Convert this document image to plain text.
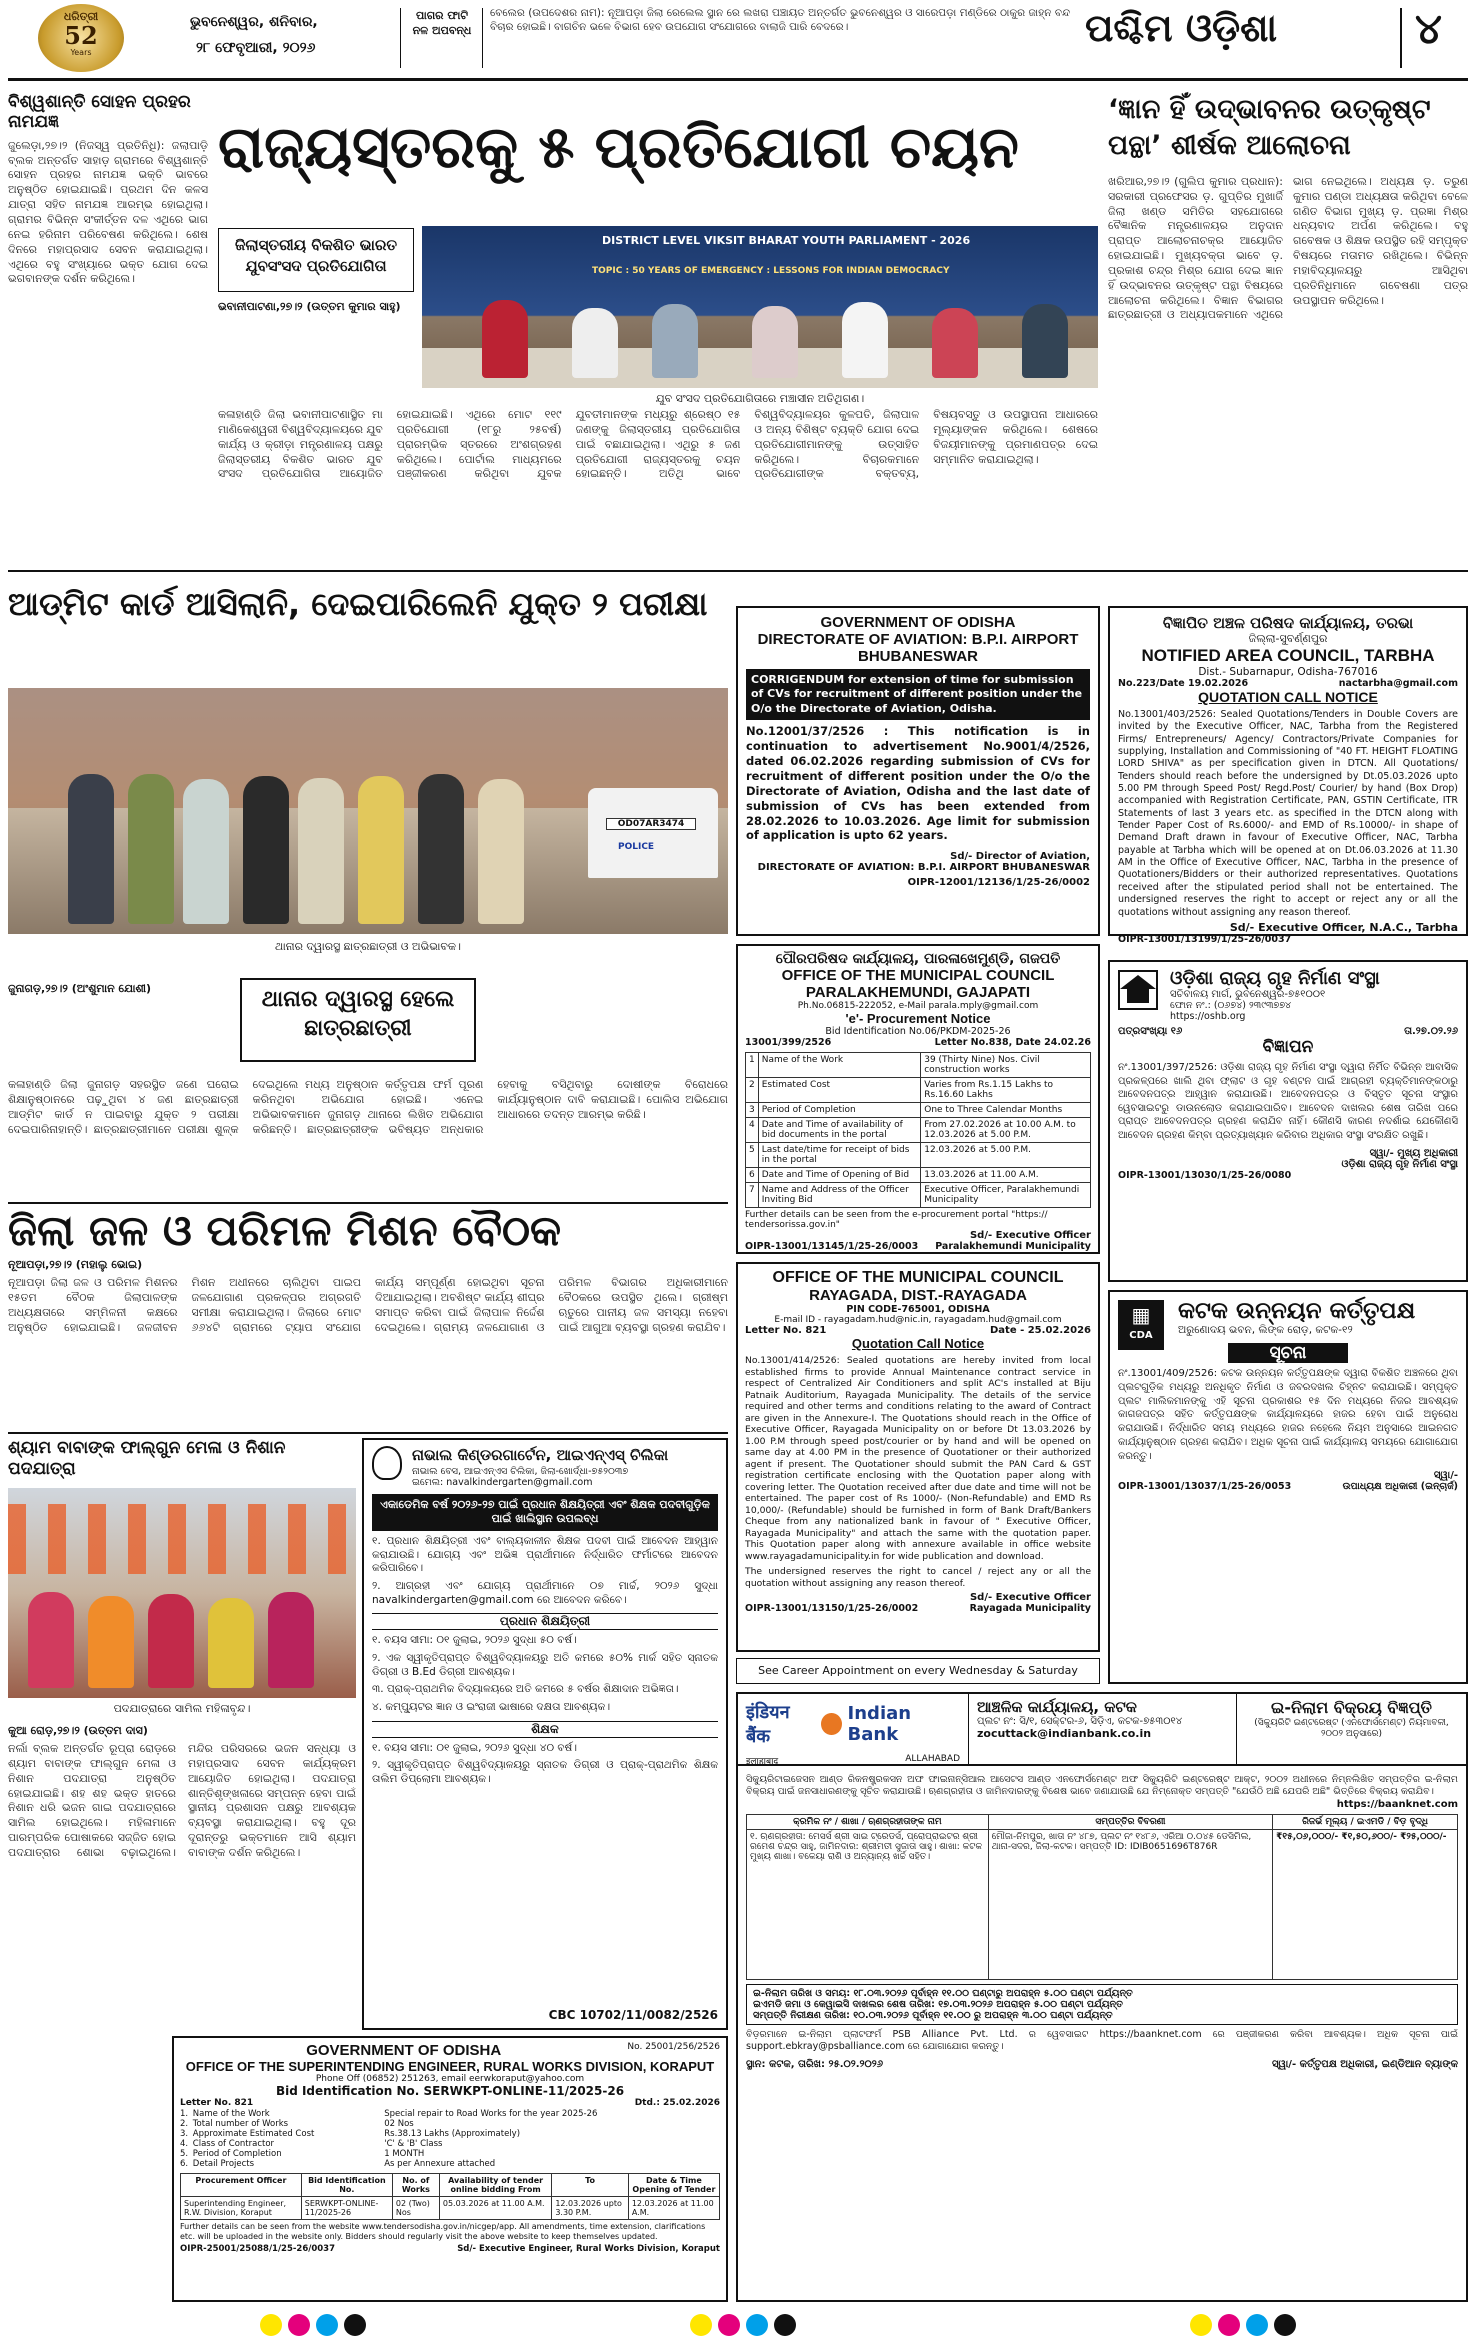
ଧରିତ୍ରୀ
52
Years
ଭୁବନେଶ୍ୱର, ଶନିବାର,
୨୮ ଫେବୃଆରୀ, ୨୦୨୬
ପାଗର ଫାଟି ନଳ ଅପବନ୍ଧ
ବେଲେର (ଉପଦେଶର ନାମ): ନୂଆପଡ଼ା ଜିଲା ରେଲେଲ ସ୍ଥାନ ରେ ଲଖରା ପଞ୍ଚାୟତ ଅନ୍ତର୍ଗତ ଭୁବନେଶ୍ୱର ଓ ସାରେପଡ଼ା ମଣ୍ଡିରେ ଠାକୁର ଜାହ୍ନ ବନ୍ଦ ବିଚାର ହୋଇଛି। ବାଗଚିନ ଭଳେ ବିଭାଗ ହେବ ଉପଯୋଗ ସଂଯୋଗରେ ବାଲାଜି ପାରି ବେଦରେ।	ପଶ୍ଚିମ ଓଡ଼ିଶା	୪
ବିଶ୍ୱଶାନ୍ତି ସୋହନ ପ୍ରହର ନାମଯଜ୍ଞ
ଜୁଲେଡ଼ା,୨୭।୨ (ନିଜସ୍ୱ ପ୍ରତିନିଧି): ଜଲାପାଡ଼ି ବ୍ଲକ ଅନ୍ତର୍ଗତ ସାହାଡ଼ ଗ୍ରାମରେ ବିଶ୍ୱଶାନ୍ତି ସୋହନ ପ୍ରହର ନାମଯଜ୍ଞ ଭକ୍ତି ଭାବରେ ଅନୁଷ୍ଠିତ ହୋଇଯାଇଛି। ପ୍ରଥମ ଦିନ କଳସ ଯାତ୍ରା ସହିତ ନାମଯଜ୍ଞ ଆରମ୍ଭ ହୋଇଥିଲା। ଗ୍ରାମର ବିଭିନ୍ନ ସଂକୀର୍ତ୍ତନ ଦଳ ଏଥିରେ ଭାଗ ନେଇ ହରିନାମ ପରିବେଷଣ କରିଥିଲେ। ଶେଷ ଦିନରେ ମହାପ୍ରସାଦ ସେବନ କରାଯାଇଥିଲା। ଏଥିରେ ବହୁ ସଂଖ୍ୟାରେ ଭକ୍ତ ଯୋଗ ଦେଇ ଭଗବାନଙ୍କ ଦର୍ଶନ କରିଥିଲେ।
ରାଜ୍ୟସ୍ତରକୁ ୫ ପ୍ରତିଯୋଗୀ ଚୟନ
ଜିଲାସ୍ତରୀୟ ବିକଶିତ ଭାରତ ଯୁବସଂସଦ ପ୍ରତିଯୋଗିତା
DISTRICT LEVEL VIKSIT BHARAT YOUTH PARLIAMENT - 2026
TOPIC : 50 YEARS OF EMERGENCY : LESSONS FOR INDIAN DEMOCRACY
ଯୁବ ସଂସଦ ପ୍ରତିଯୋଗିତାରେ ମଞ୍ଚାସୀନ ଅତିଥିଗଣ।
ଭବାନୀପାଟଣା,୨୭।୨ (ଉତ୍ତମ କୁମାର ସାହୁ)
କଳାହାଣ୍ଡି ଜିଲା ଭବାନୀପାଟଣାସ୍ଥିତ ମା ମାଣିକେଶ୍ୱରୀ ବିଶ୍ୱବିଦ୍ୟାଳୟରେ ଯୁବ କାର୍ଯ୍ୟ ଓ କ୍ରୀଡ଼ା ମନ୍ତ୍ରଣାଳୟ ପକ୍ଷରୁ ଜିଲାସ୍ତରୀୟ ବିକଶିତ ଭାରତ ଯୁବ ସଂସଦ ପ୍ରତିଯୋଗିତା ଆୟୋଜିତ ହୋଇଯାଇଛି। ଏଥିରେ ମୋଟ ୧୧୯ ପ୍ରତିଯୋଗୀ (୧୮ରୁ ୨୫ବର୍ଷ) ପ୍ରାରମ୍ଭିକ ସ୍ତରରେ ଅଂଶଗ୍ରହଣ କରିଥିଲେ। ପୋର୍ଟାଲ ମାଧ୍ୟମରେ ପଞ୍ଜୀକରଣ କରିଥିବା ଯୁବକ ଯୁବତୀମାନଙ୍କ ମଧ୍ୟରୁ ଶ୍ରେଷ୍ଠ ୧୫ ଜଣଙ୍କୁ ଜିଲାସ୍ତରୀୟ ପ୍ରତିଯୋଗିତା ପାଇଁ ବଛାଯାଇଥିଲା। ଏଥିରୁ ୫ ଜଣ ପ୍ରତିଯୋଗୀ ରାଜ୍ୟସ୍ତରକୁ ଚୟନ ହୋଇଛନ୍ତି। ଅତିଥି ଭାବେ ବିଶ୍ୱବିଦ୍ୟାଳୟର କୁଳପତି, ଜିଲାପାଳ ଓ ଅନ୍ୟ ବିଶିଷ୍ଟ ବ୍ୟକ୍ତି ଯୋଗ ଦେଇ ପ୍ରତିଯୋଗୀମାନଙ୍କୁ ଉତ୍ସାହିତ କରିଥିଲେ। ବିଚାରକମାନେ ପ୍ରତିଯୋଗୀଙ୍କ ବକ୍ତବ୍ୟ, ବିଷୟବସ୍ତୁ ଓ ଉପସ୍ଥାପନା ଆଧାରରେ ମୂଲ୍ୟାଙ୍କନ କରିଥିଲେ। ଶେଷରେ ବିଜୟୀମାନଙ୍କୁ ପ୍ରମାଣପତ୍ର ଦେଇ ସମ୍ମାନିତ କରାଯାଇଥିଲା।
‘ଜ୍ଞାନ ହିଁ ଉଦ୍ଭାବନର ଉତ୍କୃଷ୍ଟ ପନ୍ଥା’ ଶୀର୍ଷକ ଆଲୋଚନା
ଖରିଆର,୨୭।୨ (ଗୁଲିପ କୁମାର ପ୍ରଧାନ): ସରକାରୀ ପ୍ରଫେସର ଡ଼. ଗୁପ୍ତିର ମୁଖାର୍ଜି ଜିଲା ଖଣ୍ଡ ସମିତିର ସହଯୋଗରେ ବୈଜ୍ଞାନିକ ମନ୍ତ୍ରଣାଳୟର ଅନୁଦାନ ପ୍ରାପ୍ତ ଆଲୋଚନାଚକ୍ର ଆୟୋଜିତ ହୋଇଯାଇଛି। ମୁଖ୍ୟବକ୍ତା ଭାବେ ଡ଼. ପ୍ରକାଶ ଚନ୍ଦ୍ର ମିଶ୍ର ଯୋଗ ଦେଇ ଜ୍ଞାନ ହିଁ ଉଦ୍ଭାବନର ଉତ୍କୃଷ୍ଟ ପନ୍ଥା ବିଷୟରେ ଆଲୋଚନା କରିଥିଲେ। ବିଜ୍ଞାନ ବିଭାଗର ଛାତ୍ରଛାତ୍ରୀ ଓ ଅଧ୍ୟାପକମାନେ ଏଥିରେ ଭାଗ ନେଇଥିଲେ। ଅଧ୍ୟକ୍ଷ ଡ଼. ତରୁଣ କୁମାର ପଣ୍ଡା ଅଧ୍ୟକ୍ଷତା କରିଥିବା ବେଳେ ଗଣିତ ବିଭାଗ ମୁଖ୍ୟ ଡ଼. ପ୍ରଜ୍ଞା ମିଶ୍ର ଧନ୍ୟବାଦ ଅର୍ପଣ କରିଥିଲେ। ବହୁ ଗବେଷକ ଓ ଶିକ୍ଷକ ଉପସ୍ଥିତ ରହି ସମ୍ପୃକ୍ତ ବିଷୟରେ ମତାମତ ରଖିଥିଲେ। ବିଭିନ୍ନ ମହାବିଦ୍ୟାଳୟରୁ ଆସିଥିବା ପ୍ରତିନିଧିମାନେ ଗବେଷଣା ପତ୍ର ଉପସ୍ଥାପନ କରିଥିଲେ।
ଆଡ୍‌ମିଟ କାର୍ଡ ଆସିଲାନି, ଦେଇପାରିଲେନି ଯୁକ୍ତ ୨ ପରୀକ୍ଷା
OD07AR3474
POLICE
ଥାନାର ଦ୍ୱାରସ୍ଥ ଛାତ୍ରଛାତ୍ରୀ ଓ ଅଭିଭାବକ।
ଜୁନାଗଡ଼,୨୭।୨ (ଅଂଶୁମାନ ଯୋଶୀ)	ଥାନାର ଦ୍ୱାରସ୍ଥ ହେଲେ ଛାତ୍ରଛାତ୍ରୀ
କଳାହାଣ୍ଡି ଜିଲା ଜୁନାଗଡ଼ ସହରସ୍ଥିତ ଜଣେ ଘରୋଇ ଶିକ୍ଷାନୁଷ୍ଠାନରେ ପଢ଼ୁଥିବା ୪ ଜଣ ଛାତ୍ରଛାତ୍ରୀ ଆଡ୍‌ମିଟ କାର୍ଡ ନ ପାଇବାରୁ ଯୁକ୍ତ ୨ ପରୀକ୍ଷା ଦେଇପାରିନାହାନ୍ତି। ଛାତ୍ରଛାତ୍ରୀମାନେ ପରୀକ୍ଷା ଶୁଳ୍କ ଦେଇଥିଲେ ମଧ୍ୟ ଅନୁଷ୍ଠାନ କର୍ତ୍ତୃପକ୍ଷ ଫର୍ମ ପୂରଣ କରିନଥିବା ଅଭିଯୋଗ ହୋଇଛି। ଏନେଇ ଅଭିଭାବକମାନେ ଜୁନାଗଡ଼ ଥାନାରେ ଲିଖିତ ଅଭିଯୋଗ କରିଛନ୍ତି। ଛାତ୍ରଛାତ୍ରୀଙ୍କ ଭବିଷ୍ୟତ ଅନ୍ଧକାର ହେବାକୁ ବସିଥିବାରୁ ଦୋଷୀଙ୍କ ବିରୋଧରେ କାର୍ଯ୍ୟାନୁଷ୍ଠାନ ଦାବି କରାଯାଇଛି। ପୋଲିସ ଅଭିଯୋଗ ଆଧାରରେ ତଦନ୍ତ ଆରମ୍ଭ କରିଛି।
ଜିଲା ଜଳ ଓ ପରିମଳ ମିଶନ ବୈଠକ
ନୂଆପଡ଼ା,୨୭।୨ (ମହାଲୁ ଭୋଇ)
ନୂଆପଡ଼ା ଜିଲା ଜଳ ଓ ପରିମଳ ମିଶନର ୧୫ତମ ବୈଠକ ଜିଲାପାଳଙ୍କ ଅଧ୍ୟକ୍ଷତାରେ ସମ୍ମିଳନୀ କକ୍ଷରେ ଅନୁଷ୍ଠିତ ହୋଇଯାଇଛି। ଜଳଜୀବନ ମିଶନ ଅଧୀନରେ ଚାଲିଥିବା ପାଇପ ଜଳଯୋଗାଣ ପ୍ରକଳ୍ପର ଅଗ୍ରଗତି ସମୀକ୍ଷା କରାଯାଇଥିଲା। ଜିଲାରେ ମୋଟ ୬୬୪ଟି ଗ୍ରାମରେ ଟ୍ୟାପ ସଂଯୋଗ କାର୍ଯ୍ୟ ସମ୍ପୂର୍ଣ୍ଣ ହୋଇଥିବା ସୂଚନା ଦିଆଯାଇଥିଲା। ଅବଶିଷ୍ଟ କାର୍ଯ୍ୟ ଶୀଘ୍ର ସମାପ୍ତ କରିବା ପାଇଁ ଜିଲାପାଳ ନିର୍ଦ୍ଦେଶ ଦେଇଥିଲେ। ଗ୍ରାମ୍ୟ ଜଳଯୋଗାଣ ଓ ପରିମଳ ବିଭାଗର ଅଧିକାରୀମାନେ ବୈଠକରେ ଉପସ୍ଥିତ ଥିଲେ। ଗ୍ରୀଷ୍ମ ଋତୁରେ ପାନୀୟ ଜଳ ସମସ୍ୟା ନହେବା ପାଇଁ ଆଗୁଆ ବ୍ୟବସ୍ଥା ଗ୍ରହଣ କରାଯିବ।
ଶ୍ୟାମ ବାବାଙ୍କ ଫାଲ୍‌ଗୁନ ମେଳା ଓ ନିଶାନ ପଦଯାତ୍ରା
ପଦଯାତ୍ରାରେ ସାମିଲ ମହିଳାବୃନ୍ଦ।
କୁଆ ରୋଡ଼,୨୭।୨ (ଉତ୍ତମ ଦାସ)
ନର୍ଲା ବ୍ଲକ ଅନ୍ତର୍ଗତ ରୂପ୍ରା ରୋଡ଼ରେ ଶ୍ୟାମ ବାବାଙ୍କ ଫାଲ୍‌ଗୁନ ମେଳା ଓ ନିଶାନ ପଦଯାତ୍ରା ଅନୁଷ୍ଠିତ ହୋଇଯାଇଛି। ଶହ ଶହ ଭକ୍ତ ହାତରେ ନିଶାନ ଧରି ଭଜନ ଗାଇ ପଦଯାତ୍ରାରେ ସାମିଲ ହୋଇଥିଲେ। ମହିଳାମାନେ ପାରମ୍ପରିକ ପୋଷାକରେ ସଜ୍ଜିତ ହୋଇ ପଦଯାତ୍ରାର ଶୋଭା ବଢ଼ାଇଥିଲେ। ମନ୍ଦିର ପରିସରରେ ଭଜନ ସନ୍ଧ୍ୟା ଓ ମହାପ୍ରସାଦ ସେବନ କାର୍ଯ୍ୟକ୍ରମ ଆୟୋଜିତ ହୋଇଥିଲା। ପଦଯାତ୍ରା ଶାନ୍ତିଶୃଙ୍ଖଳାରେ ସମ୍ପନ୍ନ ହେବା ପାଇଁ ସ୍ଥାନୀୟ ପ୍ରଶାସନ ପକ୍ଷରୁ ଆବଶ୍ୟକ ବ୍ୟବସ୍ଥା କରାଯାଇଥିଲା। ବହୁ ଦୂର ଦୂରାନ୍ତରୁ ଭକ୍ତମାନେ ଆସି ଶ୍ୟାମ ବାବାଙ୍କ ଦର୍ଶନ କରିଥିଲେ।
ନାଭାଲ କିଣ୍ଡରଗାର୍ଟେନ, ଆଇଏନ୍‌ଏସ୍ ଚିଲିକା
ନାଭାଲ ବେସ, ଆଇଏନ୍‌ଏସ ଚିଲିକା, ଜିଲା-ଖୋର୍ଦ୍ଧା-୭୫୨୦୩୭
ଇମେଲ: navalkindergarten@gmail.com
ଏକାଡେମିକ ବର୍ଷ ୨୦୨୬-୨୭ ପାଇଁ ପ୍ରଧାନ ଶିକ୍ଷୟିତ୍ରୀ ଏବଂ ଶିକ୍ଷକ ପଦବୀଗୁଡ଼ିକ ପାଇଁ ଖାଲିସ୍ଥାନ ଉପଲବ୍ଧ

୧. ପ୍ରଧାନ ଶିକ୍ଷୟିତ୍ରୀ ଏବଂ ବାଲ୍ୟକାଳୀନ ଶିକ୍ଷକ ପଦବୀ ପାଇଁ ଆବେଦନ ଆହ୍ୱାନ କରାଯାଉଛି। ଯୋଗ୍ୟ ଏବଂ ଅଭିଜ୍ଞ ପ୍ରାର୍ଥୀମାନେ ନିର୍ଦ୍ଧାରିତ ଫର୍ମାଟରେ ଆବେଦନ କରିପାରିବେ।

୨. ଆଗ୍ରହୀ ଏବଂ ଯୋଗ୍ୟ ପ୍ରାର୍ଥୀମାନେ ୦୭ ମାର୍ଚ୍ଚ, ୨୦୨୬ ସୁଦ୍ଧା navalkindergarten@gmail.com ରେ ଆବେଦନ କରିବେ।

ପ୍ରଧାନ ଶିକ୍ଷୟିତ୍ରୀ

୧. ବୟସ ସୀମା: ୦୧ ଜୁଲାଇ, ୨୦୨୬ ସୁଦ୍ଧା ୫୦ ବର୍ଷ।

୨. ଏକ ସ୍ୱୀକୃତିପ୍ରାପ୍ତ ବିଶ୍ୱବିଦ୍ୟାଳୟରୁ ଅତି କମରେ ୫୦% ମାର୍କ ସହିତ ସ୍ନାତକ ଡିଗ୍ରୀ ଓ B.Ed ଡିଗ୍ରୀ ଆବଶ୍ୟକ।

୩. ପ୍ରାକ୍-ପ୍ରାଥମିକ ବିଦ୍ୟାଳୟରେ ଅତି କମରେ ୫ ବର୍ଷର ଶିକ୍ଷାଦାନ ଅଭିଜ୍ଞତା।

୪. କମ୍ପ୍ୟୁଟର ଜ୍ଞାନ ଓ ଇଂରାଜୀ ଭାଷାରେ ଦକ୍ଷତା ଆବଶ୍ୟକ।

ଶିକ୍ଷକ

୧. ବୟସ ସୀମା: ୦୧ ଜୁଲାଇ, ୨୦୨୬ ସୁଦ୍ଧା ୪୦ ବର୍ଷ।

୨. ସ୍ୱୀକୃତିପ୍ରାପ୍ତ ବିଶ୍ୱବିଦ୍ୟାଳୟରୁ ସ୍ନାତକ ଡିଗ୍ରୀ ଓ ପ୍ରାକ୍-ପ୍ରାଥମିକ ଶିକ୍ଷକ ତାଲିମ ଡିପ୍ଲୋମା ଆବଶ୍ୟକ।

CBC 10702/11/0082/2526
GOVERNMENT OF ODISHA	No. 25001/256/2526
OFFICE OF THE SUPERINTENDING ENGINEER, RURAL WORKS DIVISION, KORAPUT
Phone Off (06852) 251263, email eerwkoraput@yahoo.com
Bid Identification No. SERWKPT-ONLINE-11/2025-26
Letter No. 821	Dtd.: 25.02.2026
1.	Name of the Work	Special repair to Road Works for the year 2025-26
2.	Total number of Works	02 Nos
3.	Approximate Estimated Cost	Rs.38.13 Lakhs (Approximately)
4.	Class of Contractor	'C' & 'B' Class
5.	Period of Completion	1 MONTH
6.	Detail Projects	As per Annexure attached
Procurement Officer	Bid Identification No.	No. of Works	Availability of tender online bidding From	To	Date & Time Opening of Tender
Superintending Engineer, R.W. Division, Koraput	SERWKPT-ONLINE-11/2025-26	02 (Two) Nos	05.03.2026 at 11.00 A.M.	12.03.2026 upto 3.30 P.M.	12.03.2026 at 11.00 A.M.
Further details can be seen from the website www.tendersodisha.gov.in/nicgep/app. All amendments, time extension, clarifications etc. will be uploaded in the website only. Bidders should regularly visit the above website to keep themselves updated.
OIPR-25001/25088/1/25-26/0037	Sd/- Executive Engineer, Rural Works Division, Koraput
GOVERNMENT OF ODISHA
DIRECTORATE OF AVIATION: B.P.I. AIRPORT
BHUBANESWAR
CORRIGENDUM for extension of time for submission of CVs for recruitment of different position under the O/o the Directorate of Aviation, Odisha.

No.12001/37/2526 : This notification is in continuation to advertisement No.9001/4/2526, dated 06.02.2026 regarding submission of CVs for recruitment of different position under the O/o the Directorate of Aviation, Odisha and the last date of submission of CVs has been extended from 28.02.2026 to 10.03.2026. Age limit for submission of application is upto 62 years.

Sd/- Director of Aviation,
DIRECTORATE OF AVIATION: B.P.I. AIRPORT BHUBANESWAR
OIPR-12001/12136/1/25-26/0002
ବିଜ୍ଞାପିତ ଅଞ୍ଚଳ ପରିଷଦ କାର୍ଯ୍ୟାଳୟ, ତରଭା
ଜିଲ୍ଲା-ସୁବର୍ଣ୍ଣପୁର
NOTIFIED AREA COUNCIL, TARBHA
Dist.- Subarnapur, Odisha-767016
No.223/Date 19.02.2026	nactarbha@gmail.com
QUOTATION CALL NOTICE

No.13001/403/2526: Sealed Quotations/Tenders in Double Covers are invited by the Executive Officer, NAC, Tarbha from the Registered Firms/ Entrepreneurs/ Agency/ Contractors/Private Companies for supplying, Installation and Commissioning of "40 FT. HEIGHT FLOATING LORD SHIVA" as per specification given in DTCN. All Quotations/ Tenders should reach before the undersigned by Dt.05.03.2026 upto 5.00 PM through Speed Post/ Regd.Post/ Courier/ by hand (Box Drop) accompanied with Registration Certificate, PAN, GSTIN Certificate, ITR Statements of last 3 years etc. as specified in the DTCN along with Tender Paper Cost of Rs.6000/- and EMD of Rs.10000/- in shape of Demand Draft drawn in favour of Executive Officer, NAC, Tarbha payable at Tarbha which will be opened at on Dt.06.03.2026 at 11.30 AM in the Office of Executive Officer, NAC, Tarbha in the presence of Quotationers/Bidders or their authorized representatives. Quotations received after the stipulated period shall not be entertained. The undersigned reserves the right to accept or reject any or all the quotations without assigning any reason thereof.

Sd/- Executive Officer, N.A.C., Tarbha
OIPR-13001/13199/1/25-26/0037
ପୌରପରିଷଦ କାର୍ଯ୍ୟାଳୟ, ପାରଳାଖେମୁଣ୍ଡି, ଗଜପତି
OFFICE OF THE MUNICIPAL COUNCIL
PARALAKHEMUNDI, GAJAPATI
Ph.No.06815-222052, e-Mail parala.mply@gmail.com
'e'- Procurement Notice
Bid Identification No.06/PKDM-2025-26
13001/399/2526	Letter No.838, Date 24.02.26
1	Name of the Work	39 (Thirty Nine) Nos. Civil construction works
2	Estimated Cost	Varies from Rs.1.15 Lakhs to Rs.16.60 Lakhs
3	Period of Completion	One to Three Calendar Months
4	Date and Time of availability of bid documents in the portal	From 27.02.2026 at 10.00 A.M. to 12.03.2026 at 5.00 P.M.
5	Last date/time for receipt of bids in the portal	12.03.2026 at 5.00 P.M.
6	Date and Time of Opening of Bid	13.03.2026 at 11.00 A.M.
7	Name and Address of the Officer Inviting Bid	Executive Officer, Paralakhemundi Municipality
Further details can be seen from the e-procurement portal "https:// tendersorissa.gov.in"
Sd/- Executive Officer
OIPR-13001/13145/1/25-26/0003 Paralakhemundi Municipality
OFFICE OF THE MUNICIPAL COUNCIL
RAYAGADA, DIST.-RAYAGADA
PIN CODE-765001, ODISHA
E-mail ID - rayagadam.hud@nic.in, rayagadam.hud@gmail.com
Letter No. 821	Date - 25.02.2026
Quotation Call Notice

No.13001/414/2526: Sealed quotations are hereby invited from local established firms to provide Annual Maintenance contract service in respect of Centralized Air Conditioners and split AC's installed at Biju Patnaik Auditorium, Rayagada Municipality. The details of the service required and other terms and conditions relating to the award of Contract are given in the Annexure-I. The Quotations should reach in the Office of Executive Officer, Rayagada Municipality on or before Dt 13.03.2026 by 1.00 P.M through speed post/courier or by hand and will be opened on same day at 4.00 PM in the presence of Quotationer or their authorized agent if present. The Quotationer should submit the PAN Card & GST registration certificate enclosing with the Quotation paper along with covering letter. The Quotation received after due date and time will not be entertained. The paper cost of Rs 1000/- (Non-Refundable) and EMD Rs 10,000/- (Refundable) should be furnished in form of Bank Draft/Bankers Cheque from any nationalized bank in favour of " Executive Officer, Rayagada Municipality" and attach the same with the quotation paper. This Quotation paper along with annexure available in office website www.rayagadamunicipality.in for wide publication and download.

The undersigned reserves the right to cancel / reject any or all the quotation without assigning any reason thereof.

Sd/- Executive Officer
OIPR-13001/13150/1/25-26/0002	Rayagada Municipality
See Career Appointment on every Wednesday & Saturday
ଓଡ଼ିଶା ରାଜ୍ୟ ଗୃହ ନିର୍ମାଣ ସଂସ୍ଥା
ସଚିବାଳୟ ମାର୍ଗ, ଭୁବନେଶ୍ୱର-୭୫୧୦୦୧
ଫୋନ ନଂ.: (୦୬୭୪) ୨୩୯୩୭୭୪
https://oshb.org
ପତ୍ରସଂଖ୍ୟା ୧୬	ତା.୨୭.୦୨.୨୬
ବିଜ୍ଞାପନ

ନଂ.13001/397/2526: ଓଡ଼ିଶା ରାଜ୍ୟ ଗୃହ ନିର୍ମାଣ ସଂସ୍ଥା ଦ୍ୱାରା ନିର୍ମିତ ବିଭିନ୍ନ ଆବାସିକ ପ୍ରକଳ୍ପରେ ଖାଲି ଥିବା ଫ୍ଲାଟ ଓ ଗୃହ ବଣ୍ଟନ ପାଇଁ ଆଗ୍ରହୀ ବ୍ୟକ୍ତିମାନଙ୍କଠାରୁ ଆବେଦନପତ୍ର ଆହ୍ୱାନ କରାଯାଉଛି। ଆବେଦନପତ୍ର ଓ ବିସ୍ତୃତ ସୂଚନା ସଂସ୍ଥାର ୱେବସାଇଟରୁ ଡାଉନଲୋଡ କରାଯାଇପାରିବ। ଆବେଦନ ଦାଖଲର ଶେଷ ତାରିଖ ପରେ ପ୍ରାପ୍ତ ଆବେଦନପତ୍ର ଗ୍ରହଣ କରାଯିବ ନାହିଁ। କୌଣସି କାରଣ ନଦର୍ଶାଇ ଯେକୌଣସି ଆବେଦନ ଗ୍ରହଣ କିମ୍ବା ପ୍ରତ୍ୟାଖ୍ୟାନ କରିବାର ଅଧିକାର ସଂସ୍ଥା ସଂରକ୍ଷିତ ରଖୁଛି।

ସ୍ୱା/- ମୁଖ୍ୟ ଅଧିକାରୀ
ଓଡ଼ିଶା ରାଜ୍ୟ ଗୃହ ନିର୍ମାଣ ସଂସ୍ଥା
OIPR-13001/13030/1/25-26/0080
▦
CDA
କଟକ ଉନ୍ନୟନ କର୍ତ୍ତୃପକ୍ଷ
ଅରୁଣୋଦୟ ଭବନ, ଲିଙ୍କ ରୋଡ଼, କଟକ-୧୨
ସୂଚନା

ନଂ.13001/409/2526: କଟକ ଉନ୍ନୟନ କର୍ତ୍ତୃପକ୍ଷଙ୍କ ଦ୍ୱାରା ବିକଶିତ ଅଞ୍ଚଳରେ ଥିବା ପ୍ଲଟଗୁଡ଼ିକ ମଧ୍ୟରୁ ଅନଧିକୃତ ନିର୍ମାଣ ଓ ଜବରଦଖଲ ଚିହ୍ନଟ କରାଯାଇଛି। ସମ୍ପୃକ୍ତ ପ୍ଲଟ ମାଲିକମାନଙ୍କୁ ଏହି ସୂଚନା ପ୍ରକାଶର ୧୫ ଦିନ ମଧ୍ୟରେ ନିଜର ଆବଶ୍ୟକ କାଗଜପତ୍ର ସହିତ କର୍ତ୍ତୃପକ୍ଷଙ୍କ କାର୍ଯ୍ୟାଳୟରେ ହାଜର ହେବା ପାଇଁ ଅନୁରୋଧ କରାଯାଉଛି। ନିର୍ଦ୍ଧାରିତ ସମୟ ମଧ୍ୟରେ ହାଜର ନହେଲେ ନିୟମ ଅନୁସାରେ ଆଇନଗତ କାର୍ଯ୍ୟାନୁଷ୍ଠାନ ଗ୍ରହଣ କରାଯିବ। ଅଧିକ ସୂଚନା ପାଇଁ କାର୍ଯ୍ୟାଳୟ ସମୟରେ ଯୋଗାଯୋଗ କରନ୍ତୁ।

ସ୍ୱା/-
OIPR-13001/13037/1/25-26/0053	ଉପାଧ୍ୟକ୍ଷ ଅଧିକାରୀ (ଇନ୍‌ଚାର୍ଜ)
इंडियन बैंक
Indian Bank
इलाहाबाद	ALLAHABAD
ଆଞ୍ଚଳିକ କାର୍ଯ୍ୟାଳୟ, କଟକ
ପ୍ଲଟ ନଂ: ସି/୧, ସେକ୍ଟର-୬, ସିଡ଼ିଏ, କଟକ-୭୫୩୦୧୪
zocuttack@indianbank.co.in
ଇ-ନିଲାମ ବିକ୍ରୟ ବିଜ୍ଞପ୍ତି
(ସିକ୍ୟୁରିଟି ଇଣ୍ଟରେଷ୍ଟ (ଏନଫୋର୍ସମେଣ୍ଟ) ନିୟମାବଳୀ, ୨୦୦୨ ଅନୁସାରେ)

ସିକ୍ୟୁରିଟାଇଜେସନ ଆଣ୍ଡ ରିକନଷ୍ଟ୍ରକସନ ଅଫ ଫାଇନାନ୍ସିଆଲ ଆସେଟସ ଆଣ୍ଡ ଏନଫୋର୍ସମେଣ୍ଟ ଅଫ ସିକ୍ୟୁରିଟି ଇଣ୍ଟରେଷ୍ଟ ଆକ୍ଟ, ୨୦୦୨ ଅଧୀନରେ ନିମ୍ନଲିଖିତ ସମ୍ପତ୍ତିର ଇ-ନିଲାମ ବିକ୍ରୟ ପାଇଁ ଜନସାଧାରଣଙ୍କୁ ସୂଚିତ କରାଯାଉଛି। ଋଣଗ୍ରହୀତା ଓ ଜାମିନଦାରଙ୍କୁ ବିଶେଷ ଭାବେ ଜଣାଯାଉଛି ଯେ ନିମ୍ନୋକ୍ତ ସମ୍ପତ୍ତି "ଯେଉଁଠି ଅଛି ଯେପରି ଅଛି" ଭିତ୍ତିରେ ବିକ୍ରୟ କରାଯିବ।

https://baanknet.com
କ୍ରମିକ ନଂ / ଶାଖା / ଋଣଗ୍ରହୀତାଙ୍କ ନାମ	ସମ୍ପତ୍ତିର ବିବରଣୀ	ରିଜର୍ଭ ମୂଲ୍ୟ / ଇଏମଡି / ବିଡ଼ ବୃଦ୍ଧି
୧. ଋଣଗ୍ରହୀତା: ମେସର୍ସ ଶ୍ରୀ ସାଇ ଟ୍ରେଡର୍ସ, ପ୍ରୋପ୍ରାଇଟର ଶ୍ରୀ ରମେଶ ଚନ୍ଦ୍ର ସାହୁ, ଜାମିନଦାର: ଶ୍ରୀମତୀ ସୁଜାତା ସାହୁ। ଶାଖା: କଟକ ମୁଖ୍ୟ ଶାଖା। ବକେୟା ରାଶି ଓ ଅନ୍ୟାନ୍ୟ ଖର୍ଚ୍ଚ ସହିତ।	ମୌଜା-ନିମପୁର, ଖାତା ନଂ ୪୮୭, ପ୍ଲଟ ନଂ ୧୪୮୬, ଏରିଆ ୦.୦୪୫ ଡେସିମିଲ, ଥାନା-ସଦର, ଜିଲା-କଟକ। ସମ୍ପତ୍ତି ID: IDIB0651696T876R	₹୧୫,୦୬,୦୦୦/- ₹୧,୫୦,୬୦୦/- ₹୨୫,୦୦୦/-
ଇ-ନିଲାମ ତାରିଖ ଓ ସମୟ: ୧୮.୦୩.୨୦୨୬ ପୂର୍ବାହ୍ନ ୧୧.୦୦ ଘଣ୍ଟାରୁ ଅପରାହ୍ନ ୫.୦୦ ଘଣ୍ଟା ପର୍ଯ୍ୟନ୍ତ
ଇଏମଡି ଜମା ଓ କେୱାଇସି ଦାଖଲର ଶେଷ ତାରିଖ: ୧୭.୦୩.୨୦୨୬ ଅପରାହ୍ନ ୫.୦୦ ଘଣ୍ଟା ପର୍ଯ୍ୟନ୍ତ
ସମ୍ପତ୍ତି ନିରୀକ୍ଷଣ ତାରିଖ: ୧୦.୦୩.୨୦୨୬ ପୂର୍ବାହ୍ନ ୧୧.୦୦ ରୁ ଅପରାହ୍ନ ୩.୦୦ ଘଣ୍ଟା ପର୍ଯ୍ୟନ୍ତ

ବିଡ଼ରମାନେ ଇ-ନିଲାମ ପ୍ଲାଟଫର୍ମ PSB Alliance Pvt. Ltd. ର ୱେବସାଇଟ https://baanknet.com ରେ ପଞ୍ଜୀକରଣ କରିବା ଆବଶ୍ୟକ। ଅଧିକ ସୂଚନା ପାଇଁ support.ebkray@psballiance.com ରେ ଯୋଗାଯୋଗ କରନ୍ତୁ।

ସ୍ଥାନ: କଟକ, ତାରିଖ: ୨୫.୦୨.୨୦୨୬	ସ୍ୱା/- କର୍ତ୍ତୃପକ୍ଷ ଅଧିକାରୀ, ଇଣ୍ଡିଆନ ବ୍ୟାଙ୍କ
